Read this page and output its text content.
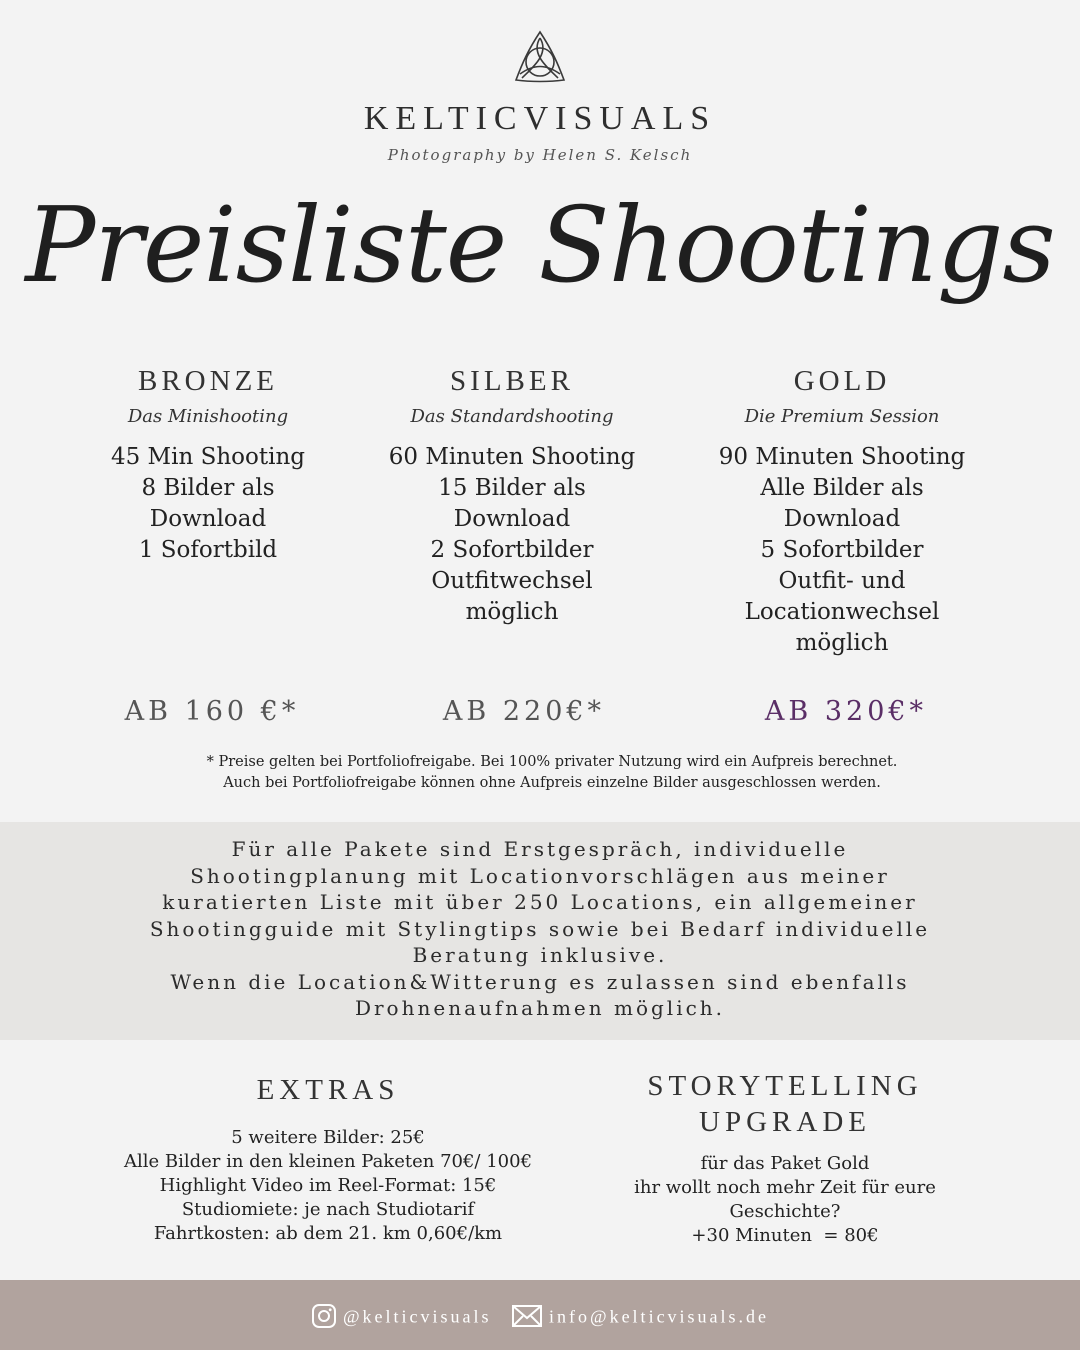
KELTICVISUALS
Photography by Helen S. Kelsch
Preisliste Shootings
BRONZE
Das Minishooting
45 Min Shooting
8 Bilder als
Download
1 Sofortbild
SILBER
Das Standardshooting
60 Minuten Shooting
15 Bilder als
Download
2 Sofortbilder
Outfitwechsel
möglich
GOLD
Die Premium Session
90 Minuten Shooting
Alle Bilder als
Download
5 Sofortbilder
Outfit- und
Locationwechsel
möglich
AB 160 €*	AB 220€*	AB 320€*
* Preise gelten bei Portfoliofreigabe. Bei 100% privater Nutzung wird ein Aufpreis berechnet.
Auch bei Portfoliofreigabe können ohne Aufpreis einzelne Bilder ausgeschlossen werden.
Für alle Pakete sind Erstgespräch, individuelle
Shootingplanung mit Locationvorschlägen aus meiner
kuratierten Liste mit über 250 Locations, ein allgemeiner
Shootingguide mit Stylingtips sowie bei Bedarf individuelle
Beratung inklusive.
Wenn die Location&Witterung es zulassen sind ebenfalls
Drohnenaufnahmen möglich.
EXTRAS
5 weitere Bilder: 25€
Alle Bilder in den kleinen Paketen 70€/ 100€
Highlight Video im Reel-Format: 15€
Studiomiete: je nach Studiotarif
Fahrtkosten: ab dem 21. km 0,60€/km
STORYTELLING
UPGRADE
für das Paket Gold
ihr wollt noch mehr Zeit für eure
Geschichte?
+30 Minuten  = 80€
@kelticvisuals	info@kelticvisuals.de
